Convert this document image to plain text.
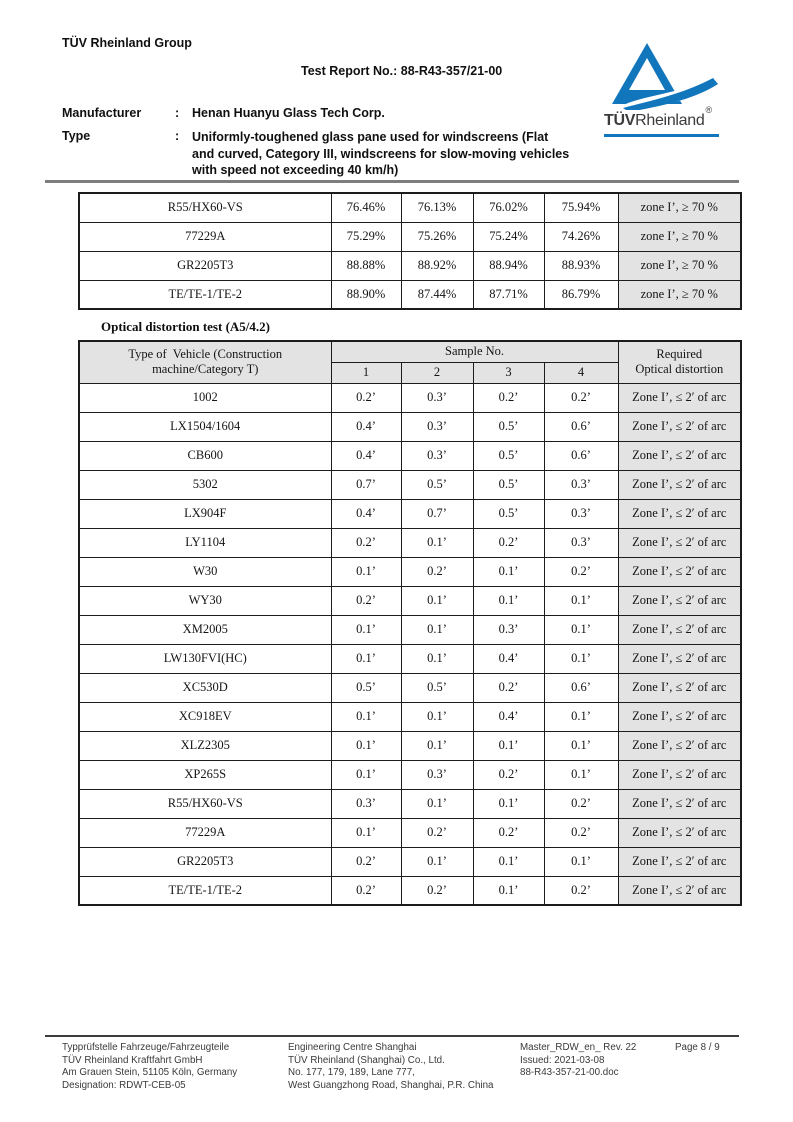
TÜV Rheinland Group
Test Report No.: 88-R43-357/21-00
TÜVRheinland
®
Manufacturer	:	Henan Huanyu Glass Tech Corp.
Type	:	Uniformly-toughened glass pane used for windscreens (Flat
and curved, Category III, windscreens for slow-moving vehicles
with speed not exceeding 40 km/h)
R55/HX60-VS	76.46%	76.13%	76.02%	75.94%	zone I’, ≥ 70 %
77229A	75.29%	75.26%	75.24%	74.26%	zone I’, ≥ 70 %
GR2205T3	88.88%	88.92%	88.94%	88.93%	zone I’, ≥ 70 %
TE/TE-1/TE-2	88.90%	87.44%	87.71%	86.79%	zone I’, ≥ 70 %
Optical distortion test (A5/4.2)
Type of  Vehicle (Construction
machine/Category T)	Sample No.				Required
Optical distortion

	1	2	3	4	
1002	0.2’	0.3’	0.2’	0.2’	Zone I’, ≤ 2′ of arc
LX1504/1604	0.4’	0.3’	0.5’	0.6’	Zone I’, ≤ 2′ of arc
CB600	0.4’	0.3’	0.5’	0.6’	Zone I’, ≤ 2′ of arc
5302	0.7’	0.5’	0.5’	0.3’	Zone I’, ≤ 2′ of arc
LX904F	0.4’	0.7’	0.5’	0.3’	Zone I’, ≤ 2′ of arc
LY1104	0.2’	0.1’	0.2’	0.3’	Zone I’, ≤ 2′ of arc
W30	0.1’	0.2’	0.1’	0.2’	Zone I’, ≤ 2′ of arc
WY30	0.2’	0.1’	0.1’	0.1’	Zone I’, ≤ 2′ of arc
XM2005	0.1’	0.1’	0.3’	0.1’	Zone I’, ≤ 2′ of arc
LW130FVI(HC)	0.1’	0.1’	0.4’	0.1’	Zone I’, ≤ 2′ of arc
XC530D	0.5’	0.5’	0.2’	0.6’	Zone I’, ≤ 2′ of arc
XC918EV	0.1’	0.1’	0.4’	0.1’	Zone I’, ≤ 2′ of arc
XLZ2305	0.1’	0.1’	0.1’	0.1’	Zone I’, ≤ 2′ of arc
XP265S	0.1’	0.3’	0.2’	0.1’	Zone I’, ≤ 2′ of arc
R55/HX60-VS	0.3’	0.1’	0.1’	0.2’	Zone I’, ≤ 2′ of arc
77229A	0.1’	0.2’	0.2’	0.2’	Zone I’, ≤ 2′ of arc
GR2205T3	0.2’	0.1’	0.1’	0.1’	Zone I’, ≤ 2′ of arc
TE/TE-1/TE-2	0.2’	0.2’	0.1’	0.2’	Zone I’, ≤ 2′ of arc
Typprüfstelle Fahrzeuge/Fahrzeugteile
TÜV Rheinland Kraftfahrt GmbH
Am Grauen Stein, 51105 Köln, Germany
Designation: RDWT-CEB-05
Engineering Centre Shanghai
TÜV Rheinland (Shanghai) Co., Ltd.
No. 177, 179, 189, Lane 777,
West Guangzhong Road, Shanghai, P.R. China
Master_RDW_en_ Rev. 22
Issued: 2021-03-08
88-R43-357-21-00.doc
Page 8 / 9
